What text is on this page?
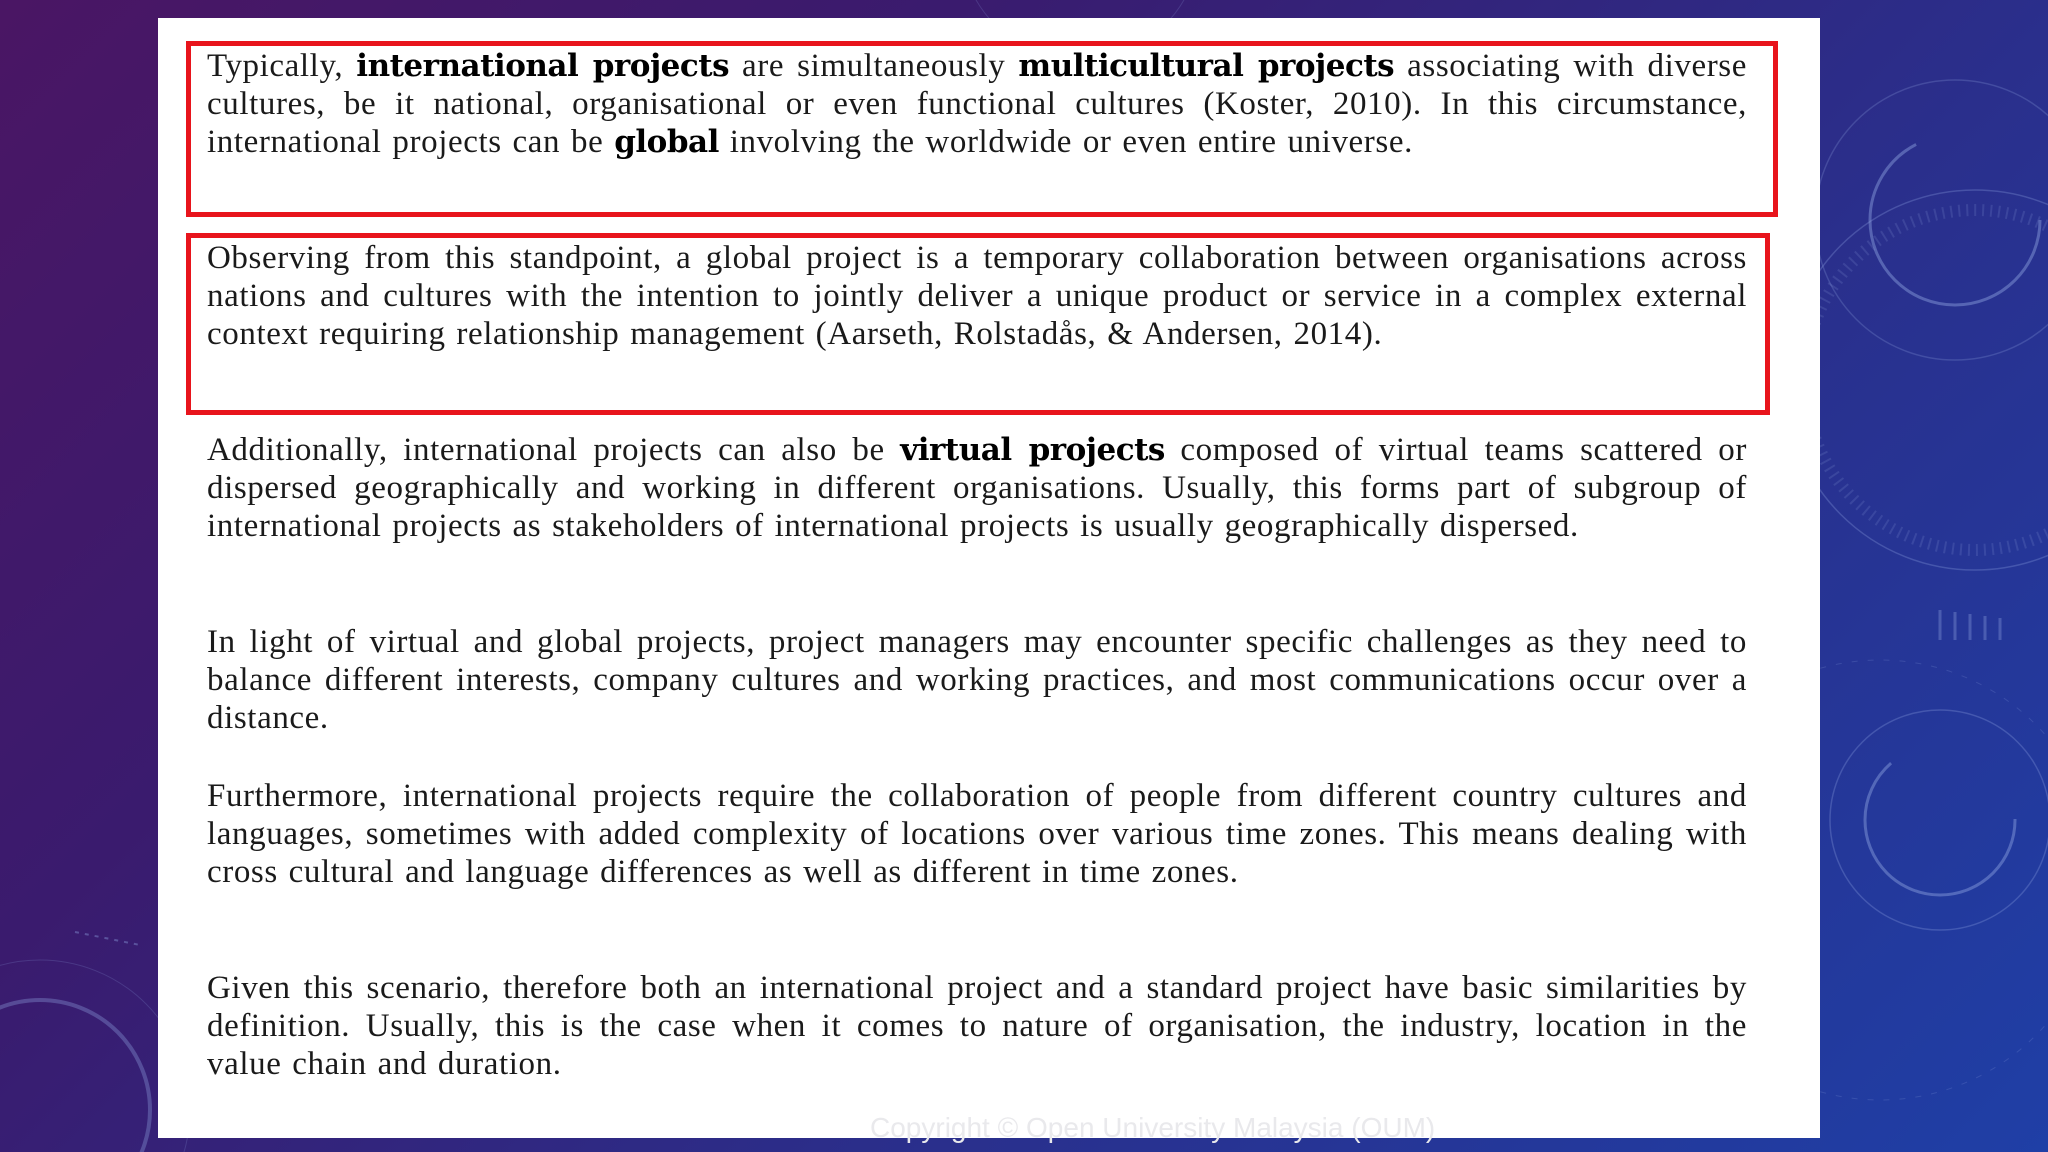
Typically, international projects are simultaneously multicultural projects associating with diverse cultures, be it national, organisational or even functional cultures (Koster, 2010). In this circumstance, international projects can be global involving the worldwide or even entire universe.

Observing from this standpoint, a global project is a temporary collaboration between organisations across nations and cultures with the intention to jointly deliver a unique product or service in a complex external context requiring relationship management (Aarseth, Rolstadås, & Andersen, 2014).

Additionally, international projects can also be virtual projects composed of virtual teams scattered or dispersed geographically and working in different organisations. Usually, this forms part of subgroup of international projects as stakeholders of international projects is usually geographically dispersed.

In light of virtual and global projects, project managers may encounter specific challenges as they need to balance different interests, company cultures and working practices, and most communications occur over a distance.

Furthermore, international projects require the collaboration of people from different country cultures and languages, sometimes with added complexity of locations over various time zones. This means dealing with cross cultural and language differences as well as different in time zones.

Given this scenario, therefore both an international project and a standard project have basic similarities by definition. Usually, this is the case when it comes to nature of organisation, the industry, location in the value chain and duration.

Copyright © Open University Malaysia (OUM)
